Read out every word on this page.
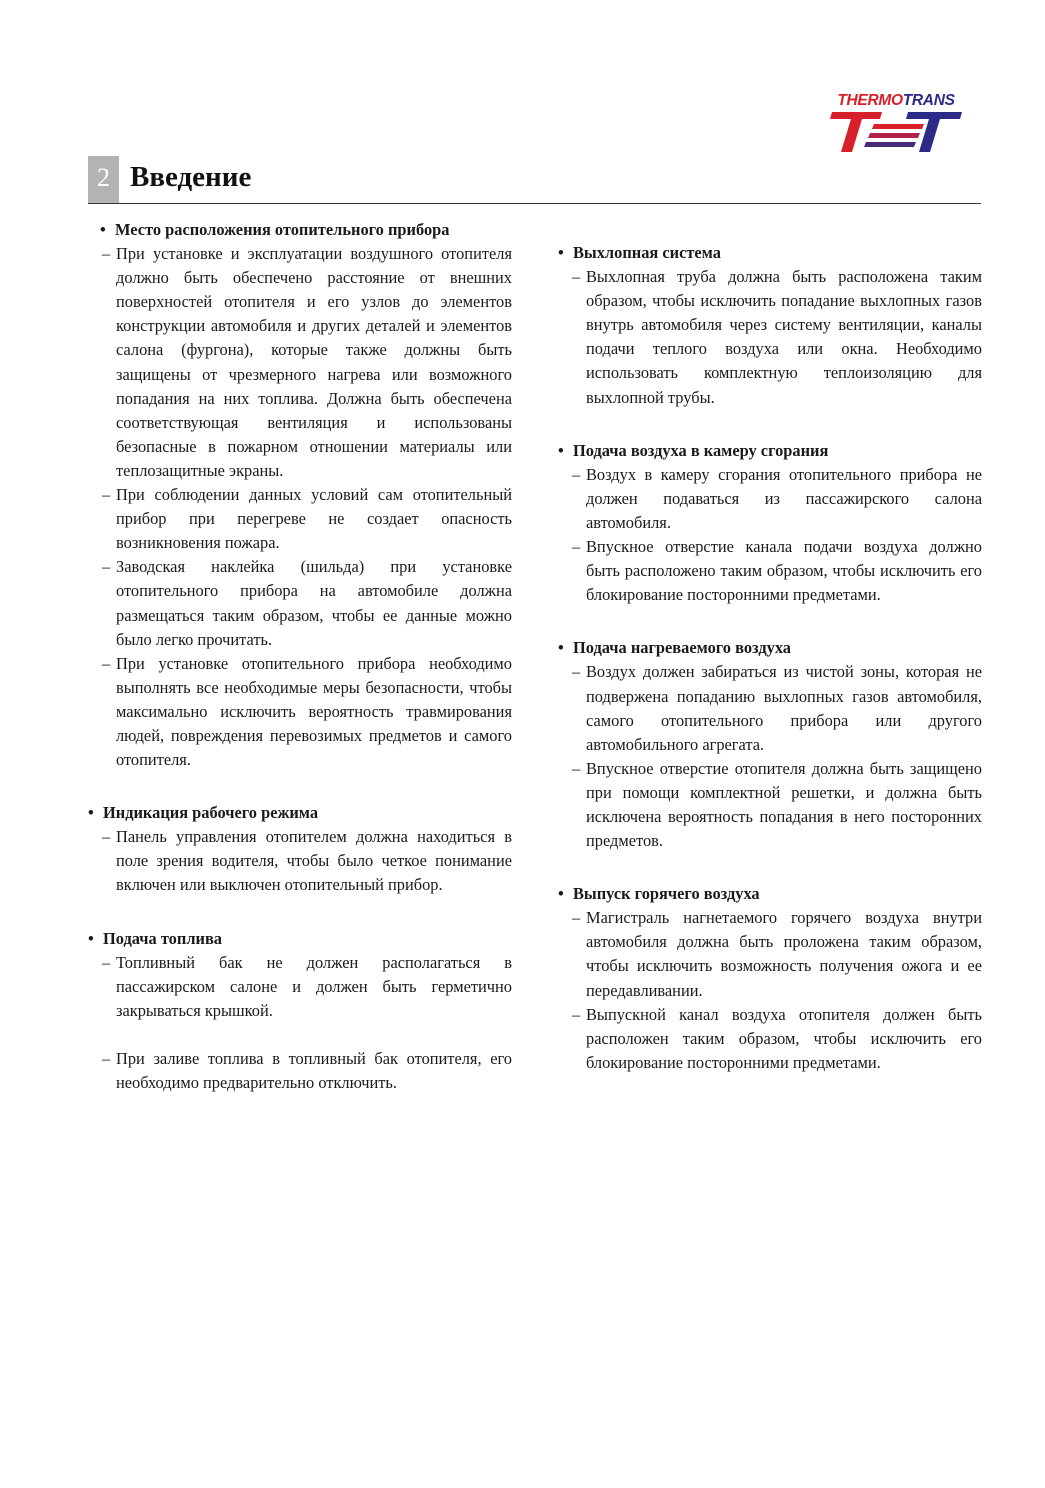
THERMOTRANS
2 Введение
• Место расположения отопительного прибора
– При установке и эксплуатации воздушного отопителя должно быть обеспечено расстояние от внешних поверхностей отопителя и его узлов до элементов конструкции автомобиля и других деталей и элементов салона (фургона), которые также должны быть защищены от чрезмерного нагрева или возможного попадания на них топлива. Должна быть обеспечена соответствующая вентиляция и использованы безопасные в пожарном отношении материалы или теплозащитные экраны.
– При соблюдении данных условий сам отопительный прибор при перегреве не создает опасность возникновения пожара.
– Заводская наклейка (шильда) при установке отопительного прибора на автомобиле должна размещаться таким образом, чтобы ее данные можно было легко прочитать.
– При установке отопительного прибора необходимо выполнять все необходимые меры безопасности, чтобы максимально исключить вероятность травмирования людей, повреждения перевозимых предметов и самого отопителя.
• Индикация рабочего режима
– Панель управления отопителем должна находиться в поле зрения водителя, чтобы было четкое понимание включен или выключен отопительный прибор.
• Подача топлива
– Топливный бак не должен располагаться в пассажирском салоне и должен быть герметично закрываться крышкой.
– При заливе топлива в топливный бак отопителя, его необходимо предварительно отключить.
• Выхлопная система
– Выхлопная труба должна быть расположена таким образом, чтобы исключить попадание выхлопных газов внутрь автомобиля через систему вентиляции, каналы подачи теплого воздуха или окна. Необходимо использовать комплектную теплоизоляцию для выхлопной трубы.
• Подача воздуха в камеру сгорания
– Воздух в камеру сгорания отопительного прибора не должен подаваться из пассажирского салона автомобиля.
– Впускное отверстие канала подачи воздуха должно быть расположено таким образом, чтобы исключить его блокирование посторонними предметами.
• Подача нагреваемого воздуха
– Воздух должен забираться из чистой зоны, которая не подвержена попаданию выхлопных газов автомобиля, самого отопительного прибора или другого автомобильного агрегата.
– Впускное отверстие отопителя должна быть защищено при помощи комплектной решетки, и должна быть исключена вероятность попадания в него посторонних предметов.
• Выпуск горячего воздуха
– Магистраль нагнетаемого горячего воздуха внутри автомобиля должна быть проложена таким образом, чтобы исключить возможность получения ожога и ее передавливании.
– Выпускной канал воздуха отопителя должен быть расположен таким образом, чтобы исключить его блокирование посторонними предметами.
